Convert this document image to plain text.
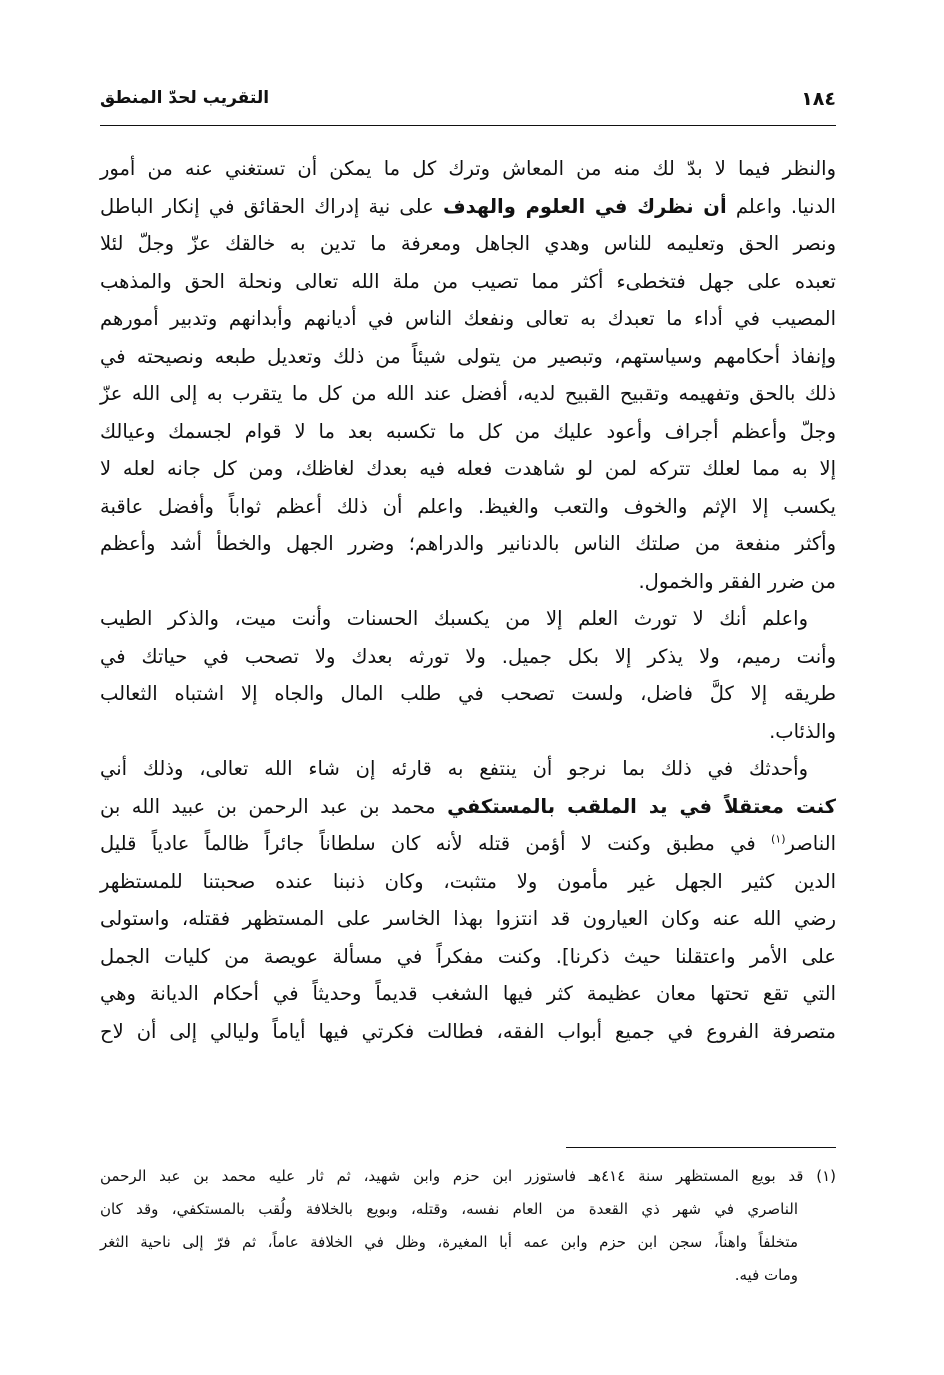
١٨٤
التقريب لحدّ المنطق
والنظر فيما لا بدّ لك منه من المعاش وترك كل ما يمكن أن تستغني عنه من أمور
الدنيا. واعلم أن نظرك في العلوم والهدف على نية إدراك الحقائق في إنكار الباطل
ونصر الحق وتعليمه للناس وهدي الجاهل ومعرفة ما تدين به خالقك عزّ وجلّ لئلا
تعبده على جهل فتخطىء أكثر مما تصيب من ملة الله تعالى ونحلة الحق والمذهب
المصيب في أداء ما تعبدك به تعالى ونفعك الناس في أديانهم وأبدانهم وتدبير أمورهم
وإنفاذ أحكامهم وسياستهم، وتبصير من يتولى شيئاً من ذلك وتعديل طبعه ونصيحته في
ذلك بالحق وتفهيمه وتقبيح القبيح لديه، أفضل عند الله من كل ما يتقرب به إلى الله عزّ
وجلّ وأعظم أجراف وأعود عليك من كل ما تكسبه بعد ما لا قوام لجسمك وعيالك
إلا به مما لعلك تتركه لمن لو شاهدت فعله فيه بعدك لغاظك، ومن كل جانه لعله لا
يكسب إلا الإثم والخوف والتعب والغيظ. واعلم أن ذلك أعظم ثواباً وأفضل عاقبة
وأكثر منفعة من صلتك الناس بالدنانير والدراهم؛ وضرر الجهل والخطأ أشد وأعظم
من ضرر الفقر والخمول.
واعلم أنك لا تورث العلم إلا من يكسبك الحسنات وأنت ميت، والذكر الطيب
وأنت رميم، ولا يذكر إلا بكل جميل. ولا تورثه بعدك ولا تصحب في حياتك في
طريقه إلا كلَّ فاضل، ولست تصحب في طلب المال والجاه إلا اشتباه الثعالب
والذئاب.
وأحدثك في ذلك بما نرجو أن ينتفع به قارئه إن شاء الله تعالى، وذلك أني
كنت معتقلاً في يد الملقب بالمستكفي محمد بن عبد الرحمن بن عبيد الله بن
الناصر$^{(١)}$ في مطبق وكنت لا أؤمن قتله لأنه كان سلطاناً جائراً ظالماً عادياً قليل
الدين كثير الجهل غير مأمون ولا متثبت، وكان ذنبنا عنده صحبتنا للمستظهر
رضي الله عنه وكان العيارون قد انتزوا بهذا الخاسر على المستظهر فقتله، واستولى
على الأمر واعتقلنا حيث ذكرنا]. وكنت مفكراً في مسألة عويصة من كليات الجمل
التي تقع تحتها معان عظيمة كثر فيها الشغب قديماً وحديثاً في أحكام الديانة وهي
متصرفة الفروع في جميع أبواب الفقه، فطالت فكرتي فيها أياماً وليالي إلى أن لاح
(١) قد بويع المستظهر سنة ٤١٤هـ فاستوزر ابن حزم وابن شهيد، ثم ثار عليه محمد بن عبد الرحمن
الناصري في شهر ذي القعدة من العام نفسه، وقتله، وبويع بالخلافة ولُقب بالمستكفي، وقد كان
متخلفاً واهناً، سجن ابن حزم وابن عمه أبا المغيرة، وظل في الخلافة عاماً، ثم فرّ إلى ناحية الثغر
ومات فيه.
